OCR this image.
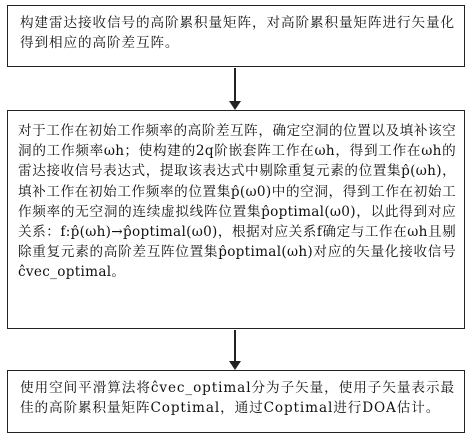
构建雷达接收信号的高阶累积量矩阵，对高阶累积量矩阵进行矢量化得到相应的高阶差互阵。

对于工作在初始工作频率的高阶差互阵，确定空洞的位置以及填补该空洞的工作频率ωh；使构建的2q阶嵌套阵工作在ωh，得到工作在ωh的雷达接收信号表达式，提取该表达式中剔除重复元素的位置集p̂(ωh)，填补工作在初始工作频率的位置集p̂(ω0)中的空洞，得到工作在初始工作频率的无空洞的连续虚拟线阵位置集p̂optimal(ω0)，以此得到对应关系：f:p̂(ωh)→p̂optimal(ω0)，根据对应关系f确定与工作在ωh且剔除重复元素的高阶差互阵位置集p̂optimal(ωh)对应的矢量化接收信号ĉvec_optimal。

使用空间平滑算法将ĉvec_optimal分为子矢量，使用子矢量表示最佳的高阶累积量矩阵Coptimal，通过Coptimal进行DOA估计。
